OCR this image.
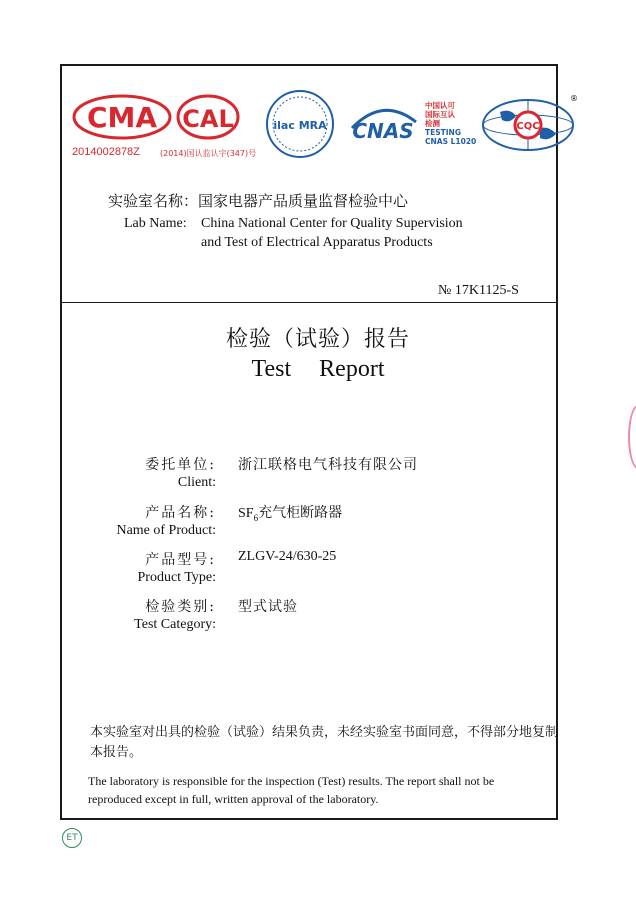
CMA CAL
2014002878Z	(2014)国认监认字(347)号
ilac MRA CNAS
中国认可
国际互认
检测
TESTING
CNAS L1020
CQC
®
实验室名称：国家电器产品质量监督检验中心
Lab Name: China National Center for Quality Supervision
and Test of Electrical Apparatus Products
№ 17K1125-S
检验（试验）报告
Test Report
委托单位: 浙江联格电气科技有限公司
Client:
产品名称: $SF_6$充气柜断路器
Name of Product:
产品型号: ZLGV-24/630-25
Product Type:
检验类别: 型式试验
Test Category:
本实验室对出具的检验（试验）结果负责，未经实验室书面同意，不得部分地复制本报告。
The laboratory is responsible for the inspection (Test) results. The report shall not be reproduced except in full, written approval of the laboratory.
ET
